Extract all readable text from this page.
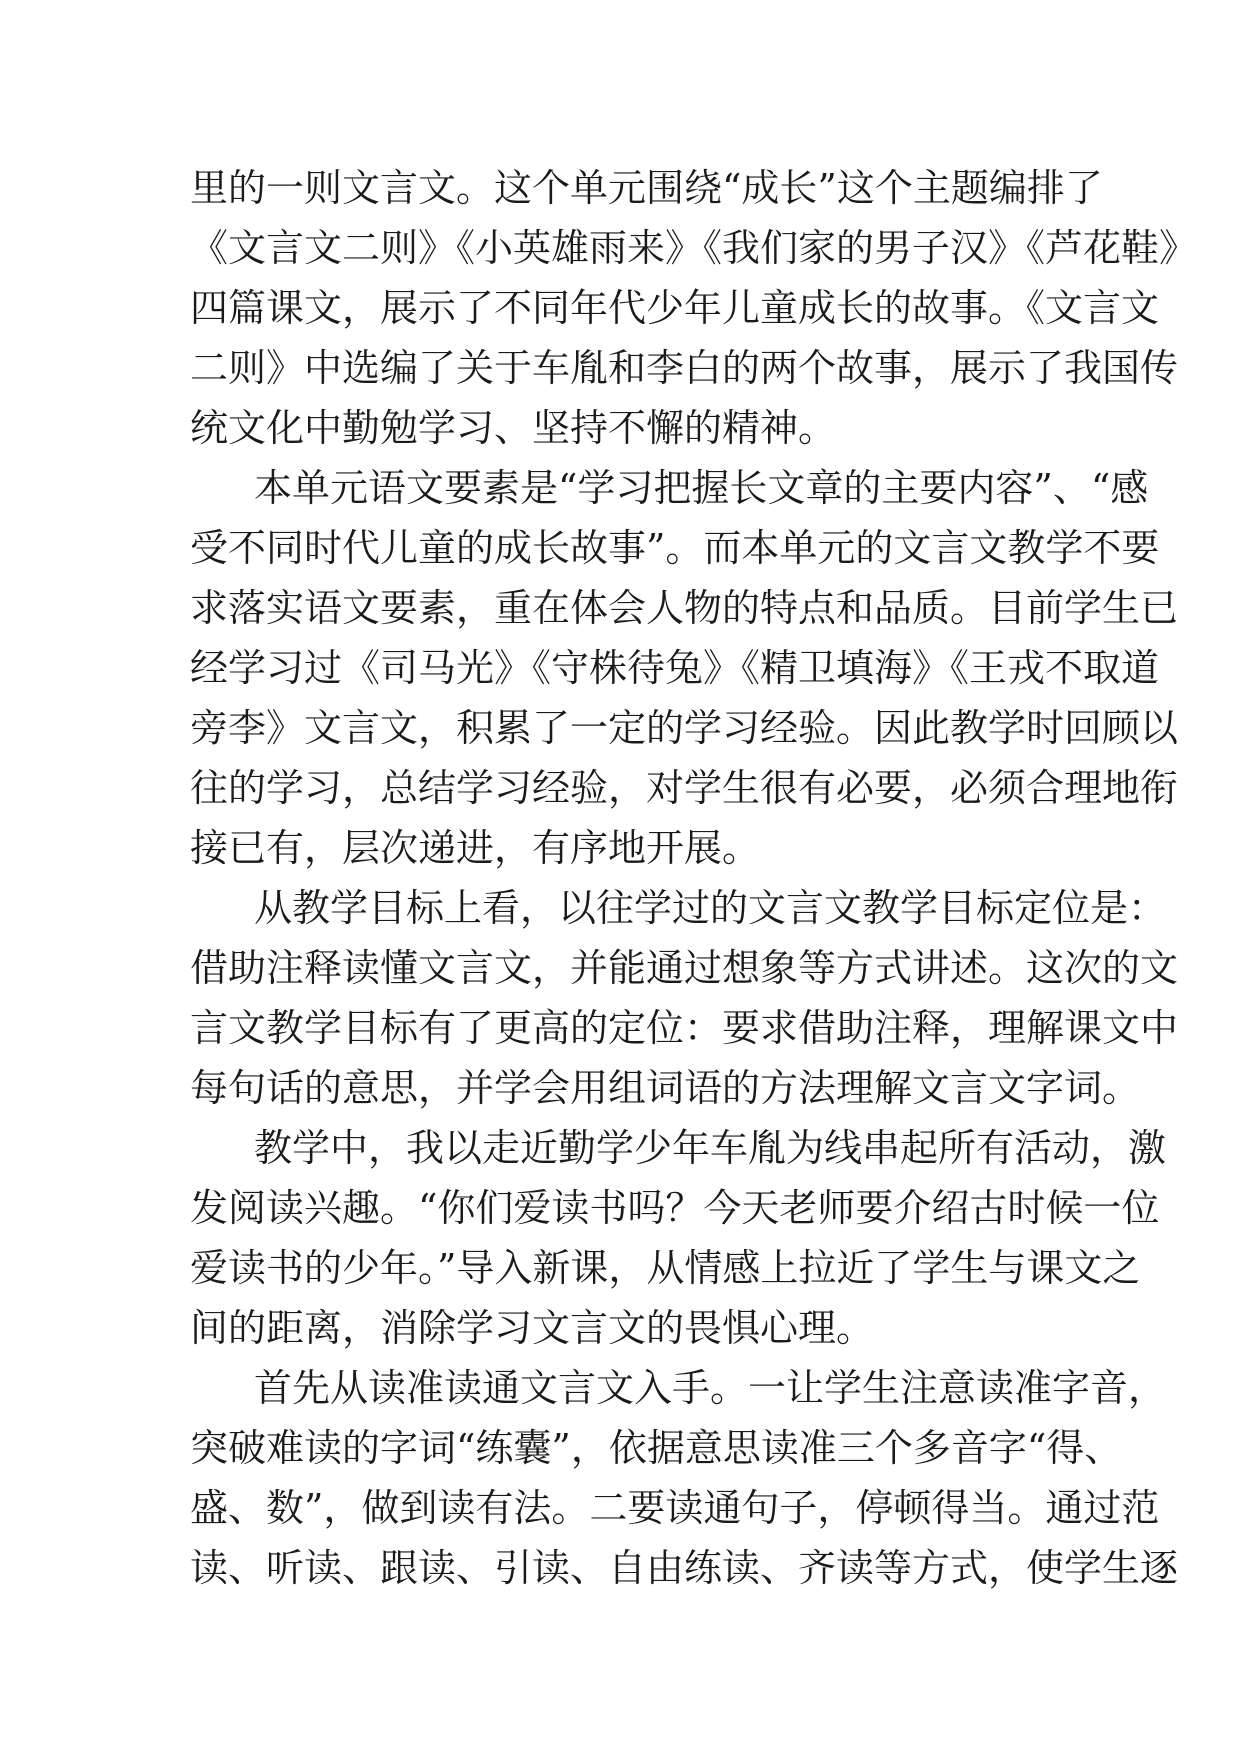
里的一则文言文。这个单元围绕“成长”这个主题编排了
《文言文二则》《小英雄雨来》《我们家的男子汉》《芦花鞋》
四篇课文，展示了不同年代少年儿童成长的故事。《文言文
二则》中选编了关于车胤和李白的两个故事，展示了我国传
统文化中勤勉学习、坚持不懈的精神。
本单元语文要素是“学习把握长文章的主要内容”、“感
受不同时代儿童的成长故事”。而本单元的文言文教学不要
求落实语文要素，重在体会人物的特点和品质。目前学生已
经学习过《司马光》《守株待兔》《精卫填海》《王戎不取道
旁李》文言文，积累了一定的学习经验。因此教学时回顾以
往的学习，总结学习经验，对学生很有必要，必须合理地衔
接已有，层次递进，有序地开展。
从教学目标上看，以往学过的文言文教学目标定位是：
借助注释读懂文言文，并能通过想象等方式讲述。这次的文
言文教学目标有了更高的定位：要求借助注释，理解课文中
每句话的意思，并学会用组词语的方法理解文言文字词。
教学中，我以走近勤学少年车胤为线串起所有活动，激
发阅读兴趣。“你们爱读书吗？今天老师要介绍古时候一位
爱读书的少年。”导入新课，从情感上拉近了学生与课文之
间的距离，消除学习文言文的畏惧心理。
首先从读准读通文言文入手。一让学生注意读准字音，
突破难读的字词“练囊”，依据意思读准三个多音字“得、
盛、数”，做到读有法。二要读通句子，停顿得当。通过范
读、听读、跟读、引读、自由练读、齐读等方式，使学生逐
